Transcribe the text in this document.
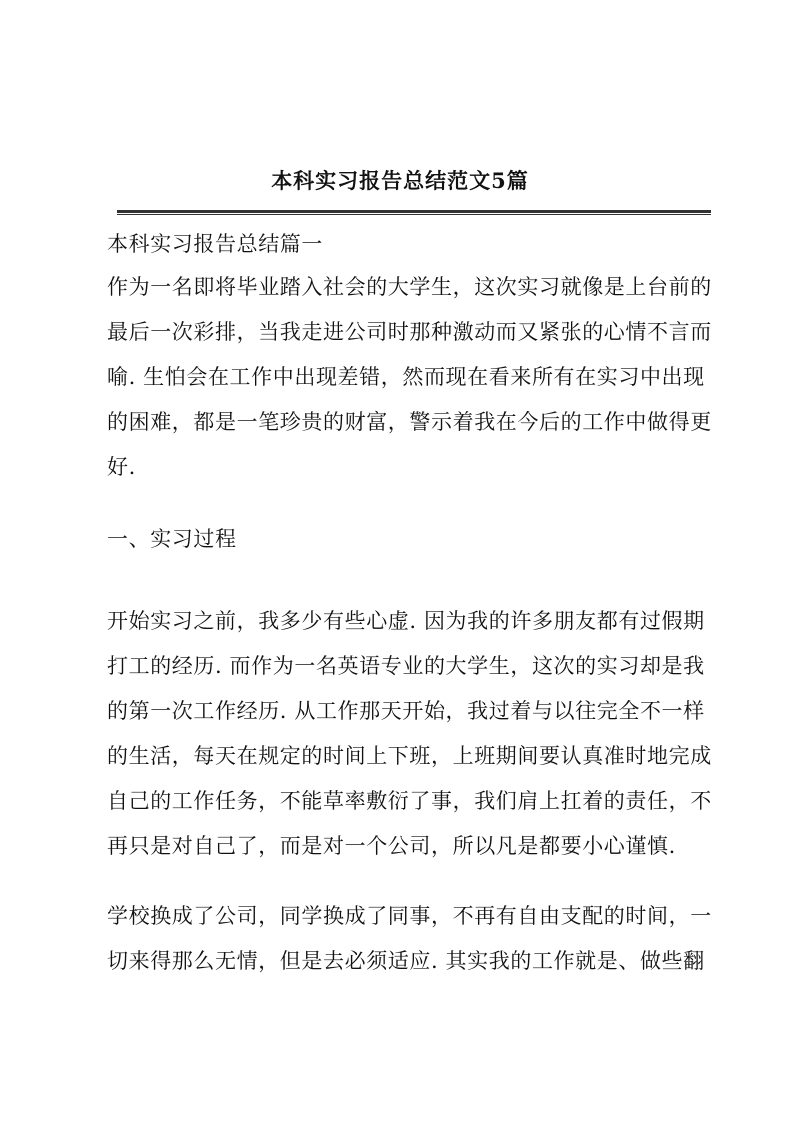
本科实习报告总结范文5篇
本科实习报告总结篇一
作为一名即将毕业踏入社会的大学生，这次实习就像是上台前的
最后一次彩排，当我走进公司时那种激动而又紧张的心情不言而
喻. 生怕会在工作中出现差错，然而现在看来所有在实习中出现
的困难，都是一笔珍贵的财富，警示着我在今后的工作中做得更
好.
一、实习过程
开始实习之前，我多少有些心虚. 因为我的许多朋友都有过假期
打工的经历. 而作为一名英语专业的大学生，这次的实习却是我
的第一次工作经历. 从工作那天开始，我过着与以往完全不一样
的生活，每天在规定的时间上下班，上班期间要认真准时地完成
自己的工作任务，不能草率敷衍了事，我们肩上扛着的责任，不
再只是对自己了，而是对一个公司，所以凡是都要小心谨慎.
学校换成了公司，同学换成了同事，不再有自由支配的时间，一
切来得那么无情，但是去必须适应. 其实我的工作就是、做些翻
